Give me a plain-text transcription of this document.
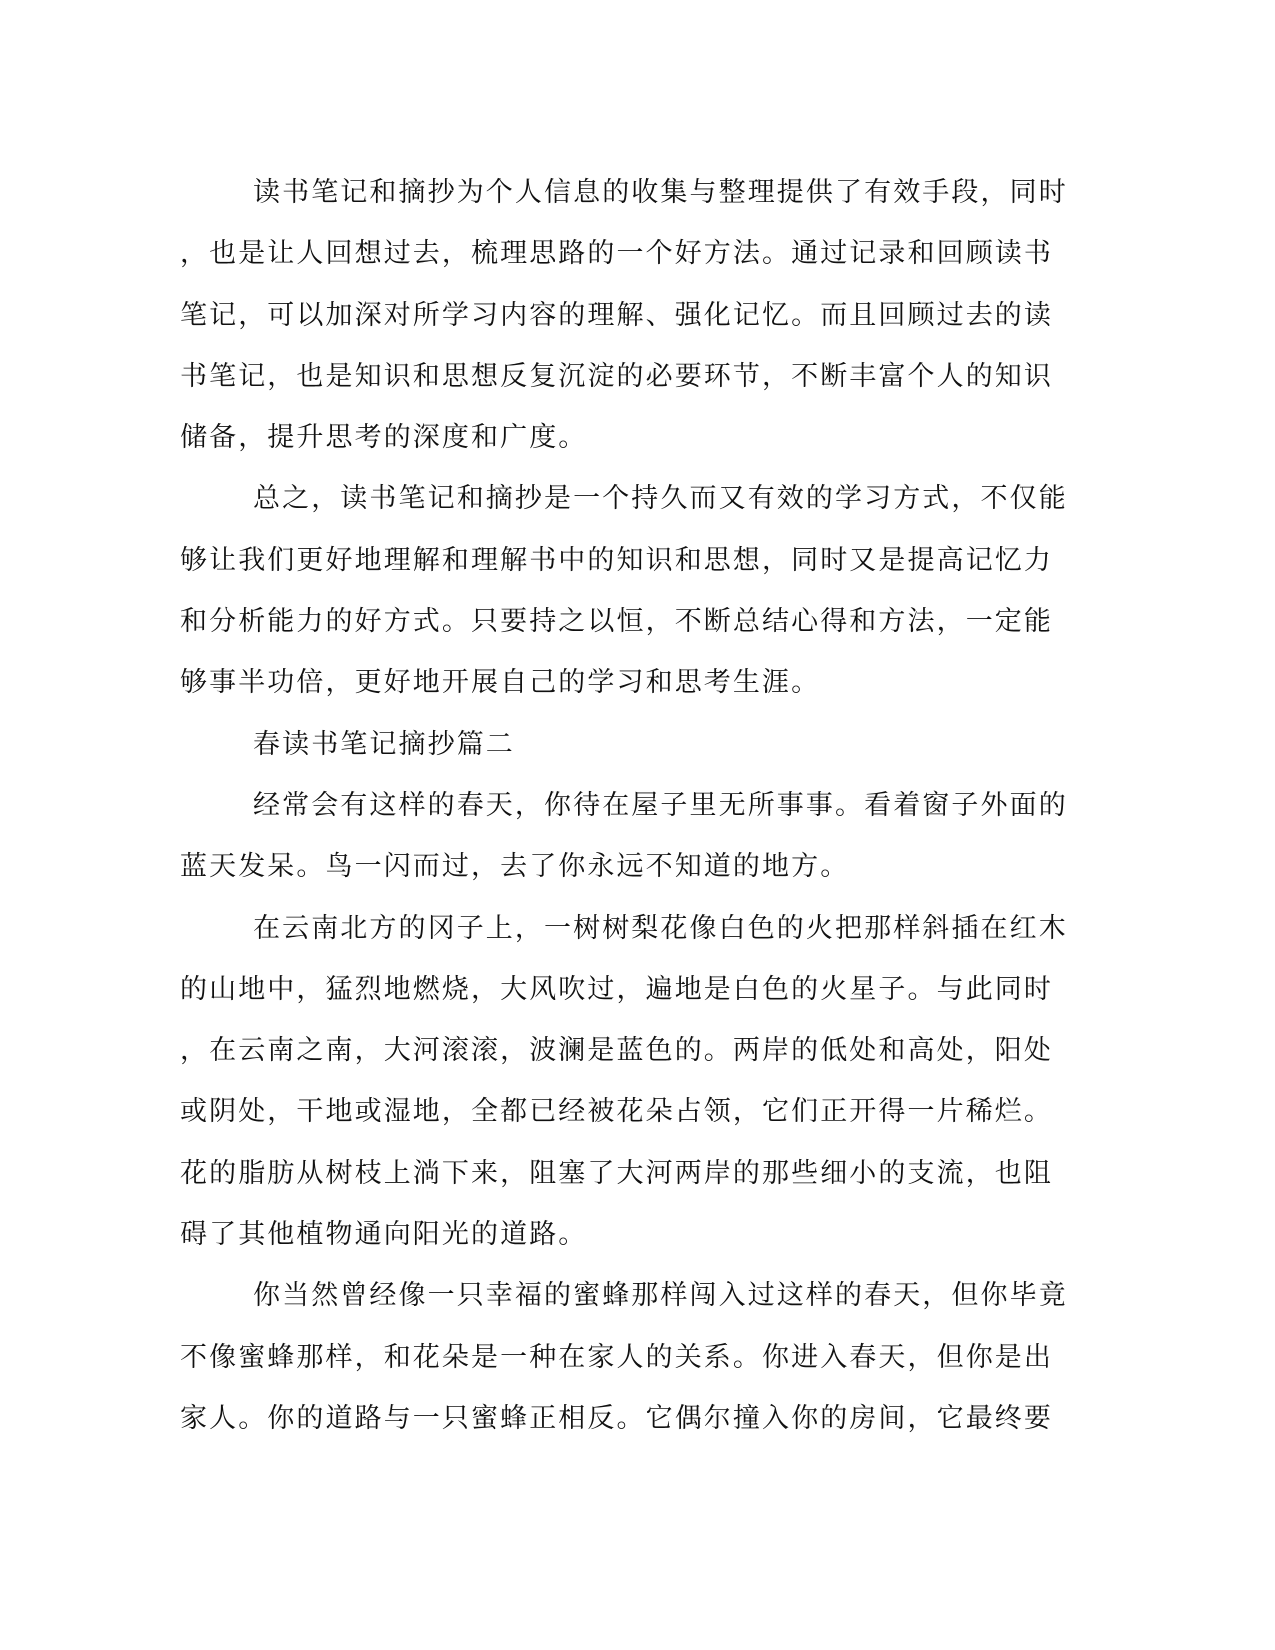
读书笔记和摘抄为个人信息的收集与整理提供了有效手段，同时
，也是让人回想过去，梳理思路的一个好方法。通过记录和回顾读书
笔记，可以加深对所学习内容的理解、强化记忆。而且回顾过去的读
书笔记，也是知识和思想反复沉淀的必要环节，不断丰富个人的知识
储备，提升思考的深度和广度。
总之，读书笔记和摘抄是一个持久而又有效的学习方式，不仅能
够让我们更好地理解和理解书中的知识和思想，同时又是提高记忆力
和分析能力的好方式。只要持之以恒，不断总结心得和方法，一定能
够事半功倍，更好地开展自己的学习和思考生涯。
春读书笔记摘抄篇二
经常会有这样的春天，你待在屋子里无所事事。看着窗子外面的
蓝天发呆。鸟一闪而过，去了你永远不知道的地方。
在云南北方的冈子上，一树树梨花像白色的火把那样斜插在红木
的山地中，猛烈地燃烧，大风吹过，遍地是白色的火星子。与此同时
，在云南之南，大河滚滚，波澜是蓝色的。两岸的低处和高处，阳处
或阴处，干地或湿地，全都已经被花朵占领，它们正开得一片稀烂。
花的脂肪从树枝上淌下来，阻塞了大河两岸的那些细小的支流，也阻
碍了其他植物通向阳光的道路。
你当然曾经像一只幸福的蜜蜂那样闯入过这样的春天，但你毕竟
不像蜜蜂那样，和花朵是一种在家人的关系。你进入春天，但你是出
家人。你的道路与一只蜜蜂正相反。它偶尔撞入你的房间，它最终要
